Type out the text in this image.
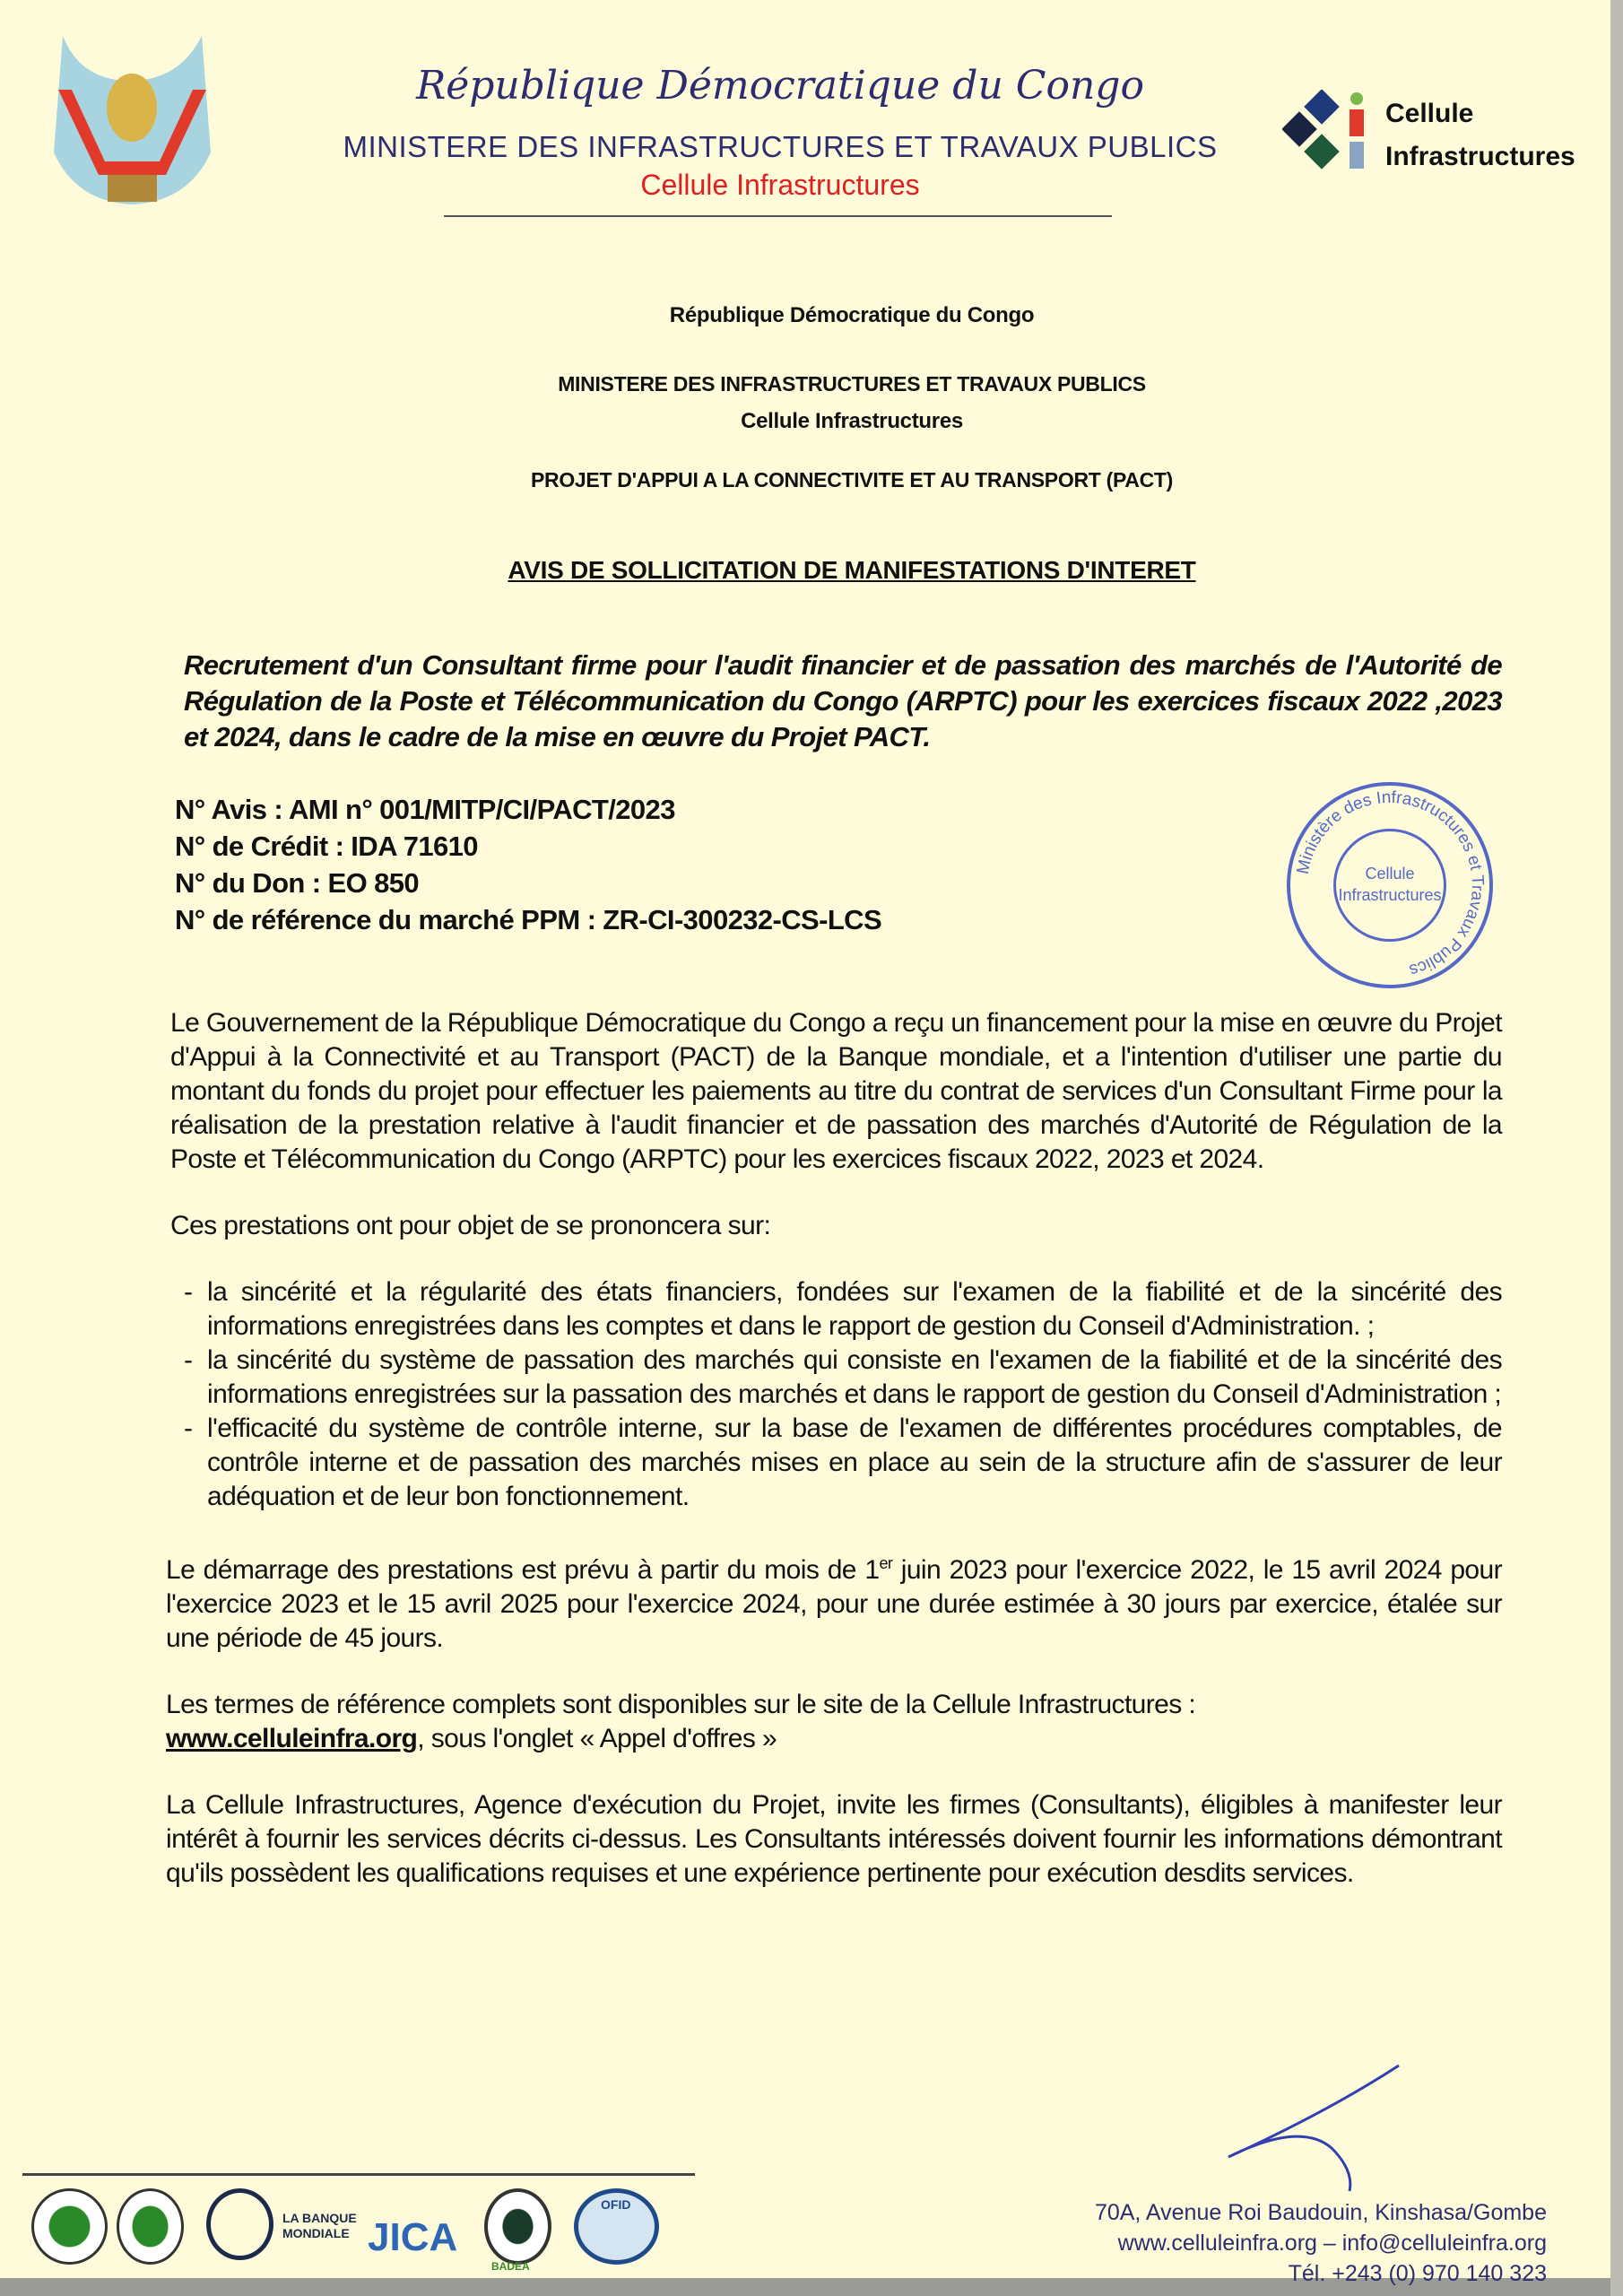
République Démocratique du Congo
MINISTERE DES INFRASTRUCTURES ET TRAVAUX PUBLICS
Cellule Infrastructures
Cellule
Infrastructures
République Démocratique du Congo
MINISTERE DES INFRASTRUCTURES ET TRAVAUX PUBLICS
Cellule Infrastructures
PROJET D'APPUI A LA CONNECTIVITE ET AU TRANSPORT (PACT)
AVIS DE SOLLICITATION DE MANIFESTATIONS D'INTERET
Recrutement d'un Consultant firme pour l'audit financier et de passation des marchés de l'Autorité de Régulation de la Poste et Télécommunication du Congo (ARPTC) pour les exercices fiscaux 2022 ,2023 et 2024, dans le cadre de la mise en œuvre du Projet PACT.
N° Avis : AMI n° 001/MITP/CI/PACT/2023
N° de Crédit : IDA 71610
N° du Don : EO 850
N° de référence du marché PPM : ZR-CI-300232-CS-LCS
Ministère des Infrastructures et Travaux Publics
Cellule
Infrastructures
Le Gouvernement de la République Démocratique du Congo a reçu un financement pour la mise en œuvre du Projet d'Appui à la Connectivité et au Transport (PACT) de la Banque mondiale, et a l'intention d'utiliser une partie du montant du fonds du projet pour effectuer les paiements au titre du contrat de services d'un Consultant Firme pour la réalisation de la prestation relative à l'audit financier et de passation des marchés d'Autorité de Régulation de la Poste et Télécommunication du Congo (ARPTC) pour les exercices fiscaux 2022, 2023 et 2024.
Ces prestations ont pour objet de se prononcera sur:
- la sincérité et la régularité des états financiers, fondées sur l'examen de la fiabilité et de la sincérité des informations enregistrées dans les comptes et dans le rapport de gestion du Conseil d'Administration. ;
- la sincérité du système de passation des marchés qui consiste en l'examen de la fiabilité et de la sincérité des informations enregistrées sur la passation des marchés et dans le rapport de gestion du Conseil d'Administration ;
- l'efficacité du système de contrôle interne, sur la base de l'examen de différentes procédures comptables, de contrôle interne et de passation des marchés mises en place au sein de la structure afin de s'assurer de leur adéquation et de leur bon fonctionnement.
Le démarrage des prestations est prévu à partir du mois de 1er juin 2023 pour l'exercice 2022, le 15 avril 2024 pour l'exercice 2023 et le 15 avril 2025 pour l'exercice 2024, pour une durée estimée à 30 jours par exercice, étalée sur une période de 45 jours.
Les termes de référence complets sont disponibles sur le site de la Cellule Infrastructures :
www.celluleinfra.org, sous l'onglet « Appel d'offres »
La Cellule Infrastructures, Agence d'exécution du Projet, invite les firmes (Consultants), éligibles à manifester leur intérêt à fournir les services décrits ci-dessus. Les Consultants intéressés doivent fournir les informations démontrant qu'ils possèdent les qualifications requises et une expérience pertinente pour exécution desdits services.
LA BANQUE
MONDIALE JICA
BADEA
OFID	70A, Avenue Roi Baudouin, Kinshasa/Gombe
www.celluleinfra.org – info@celluleinfra.org
Tél. +243 (0) 970 140 323
